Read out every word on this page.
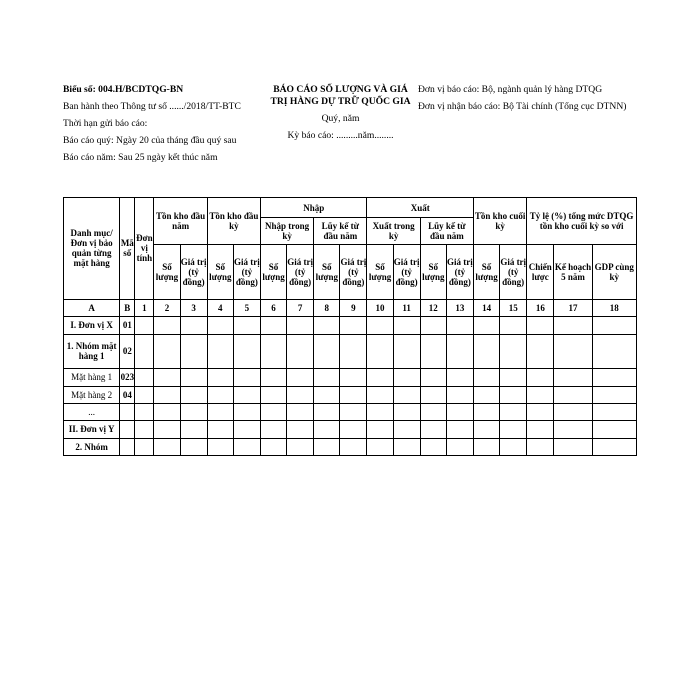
Biểu số: 004.H/BCDTQG-BN

Ban hành theo Thông tư số ....../2018/TT-BTC

Thời hạn gửi báo cáo:

Báo cáo quý: Ngày 20 của tháng đầu quý sau

Báo cáo năm: Sau 25 ngày kết thúc năm

BÁO CÁO SỐ LƯỢNG VÀ GIÁ TRỊ HÀNG DỰ TRỮ QUỐC GIA

Quý, năm

Kỳ báo cáo: .........năm........

Đơn vị báo cáo: Bộ, ngành quản lý hàng DTQG

Đơn vị nhận báo cáo: Bộ Tài chính (Tổng cục DTNN)

Danh mục/Đơn vị bảo quản từng mặt hàng	Mã số	Đơn vị tính	Tồn kho đầu năm		Tồn kho đầu kỳ		Nhập				Xuất				Tồn kho cuối kỳ		Tỷ lệ (%) tổng mức DTQG tồn kho cuối kỳ so với		
							Nhập trong kỳ		Lũy kế từ đầu năm		Xuất trong kỳ		Lũy kế từ đầu năm						
			Số lượng	Giá trị (tỷ đồng)	Số lượng	Giá trị (tỷ đồng)	Số lượng	Giá trị (tỷ đồng)	Số lượng	Giá trị (tỷ đồng)	Số lượng	Giá trị (tỷ đồng)	Số lượng	Giá trị (tỷ đồng)	Số lượng	Giá trị (tỷ đồng)	Chiến lược	Kế hoạch 5 năm	GDP cùng kỳ
A	B	1	2	3	4	5	6	7	8	9	10	11	12	13	14	15	16	17	18
I. Đơn vị X	01																		
1. Nhóm mặt hàng 1	02																		
Mặt hàng 1	023																		
Mặt hàng 2	04																		
...																			
II. Đơn vị Y																			
2. Nhóm																			
